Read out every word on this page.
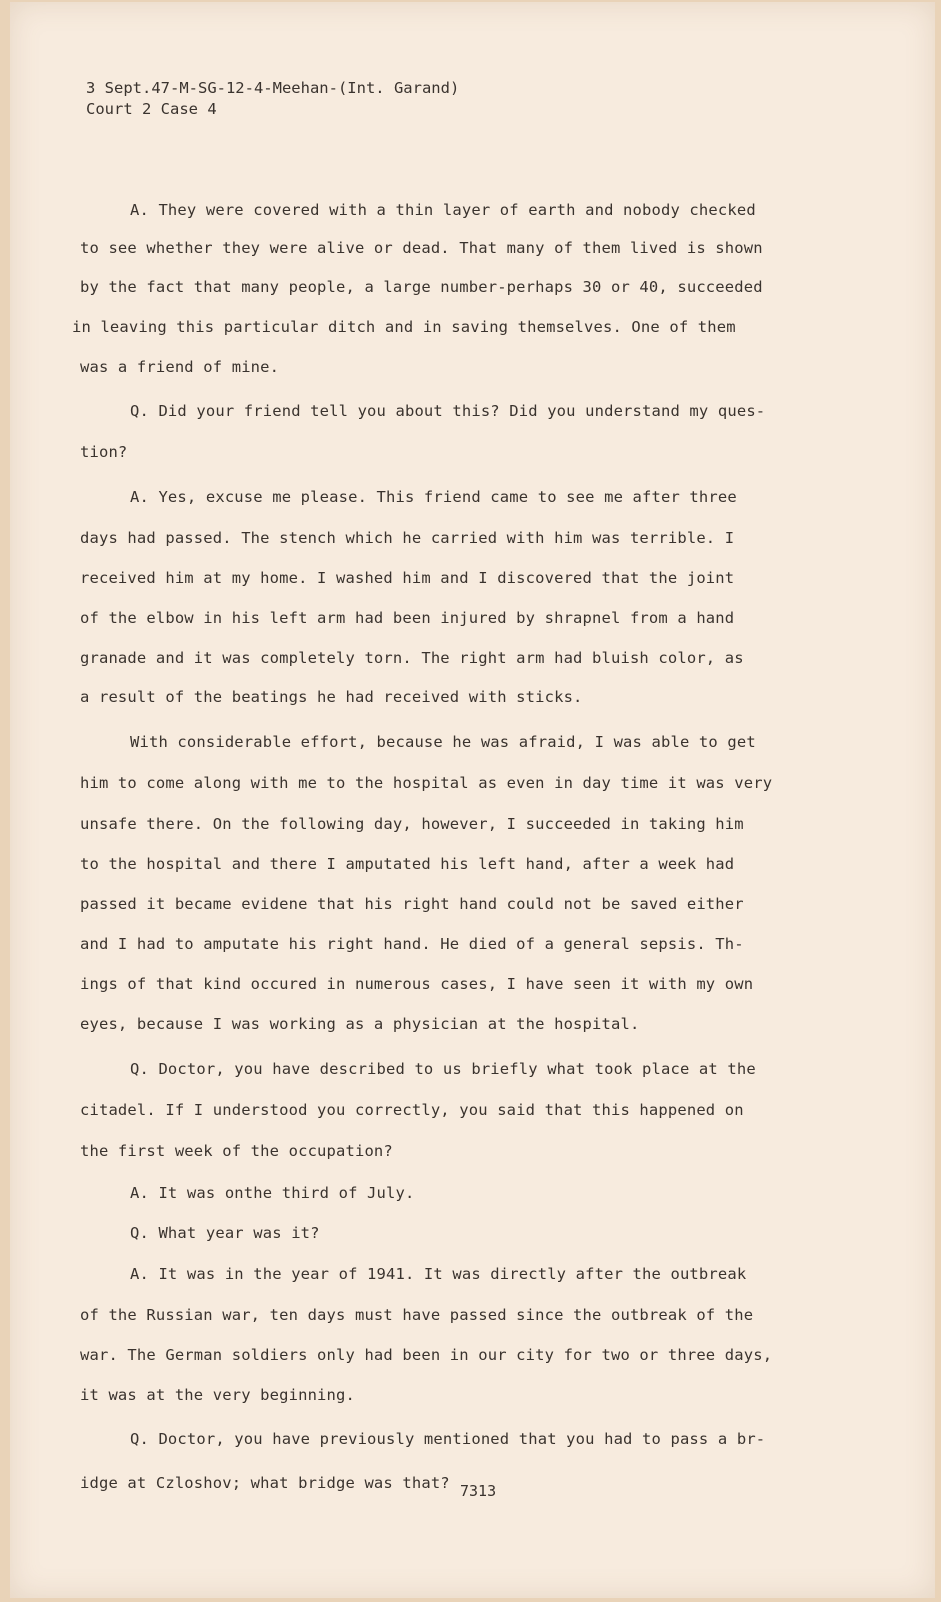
3 Sept.47-M-SG-12-4-Meehan-(Int. Garand)
Court 2 Case 4
A. They were covered with a thin layer of earth and nobody checked
to see whether they were alive or dead. That many of them lived is shown
by the fact that many people, a large number-perhaps 30 or 40, succeeded
in leaving this particular ditch and in saving themselves. One of them
was a friend of mine.
Q. Did your friend tell you about this? Did you understand my ques-
tion?
A. Yes, excuse me please. This friend came to see me after three
days had passed. The stench which he carried with him was terrible. I
received him at my home. I washed him and I discovered that the joint
of the elbow in his left arm had been injured by shrapnel from a hand
granade and it was completely torn. The right arm had bluish color, as
a result of the beatings he had received with sticks.
With considerable effort, because he was afraid, I was able to get
him to come along with me to the hospital as even in day time it was very
unsafe there. On the following day, however, I succeeded in taking him
to the hospital and there I amputated his left hand, after a week had
passed it became evidene that his right hand could not be saved either
and I had to amputate his right hand. He died of a general sepsis. Th-
ings of that kind occured in numerous cases, I have seen it with my own
eyes, because I was working as a physician at the hospital.
Q. Doctor, you have described to us briefly what took place at the
citadel. If I understood you correctly, you said that this happened on
the first week of the occupation?
A. It was onthe third of July.
Q. What year was it?
A. It was in the year of 1941. It was directly after the outbreak
of the Russian war, ten days must have passed since the outbreak of the
war. The German soldiers only had been in our city for two or three days,
it was at the very beginning.
Q. Doctor, you have previously mentioned that you had to pass a br-
idge at Czloshov; what bridge was that? 7313
